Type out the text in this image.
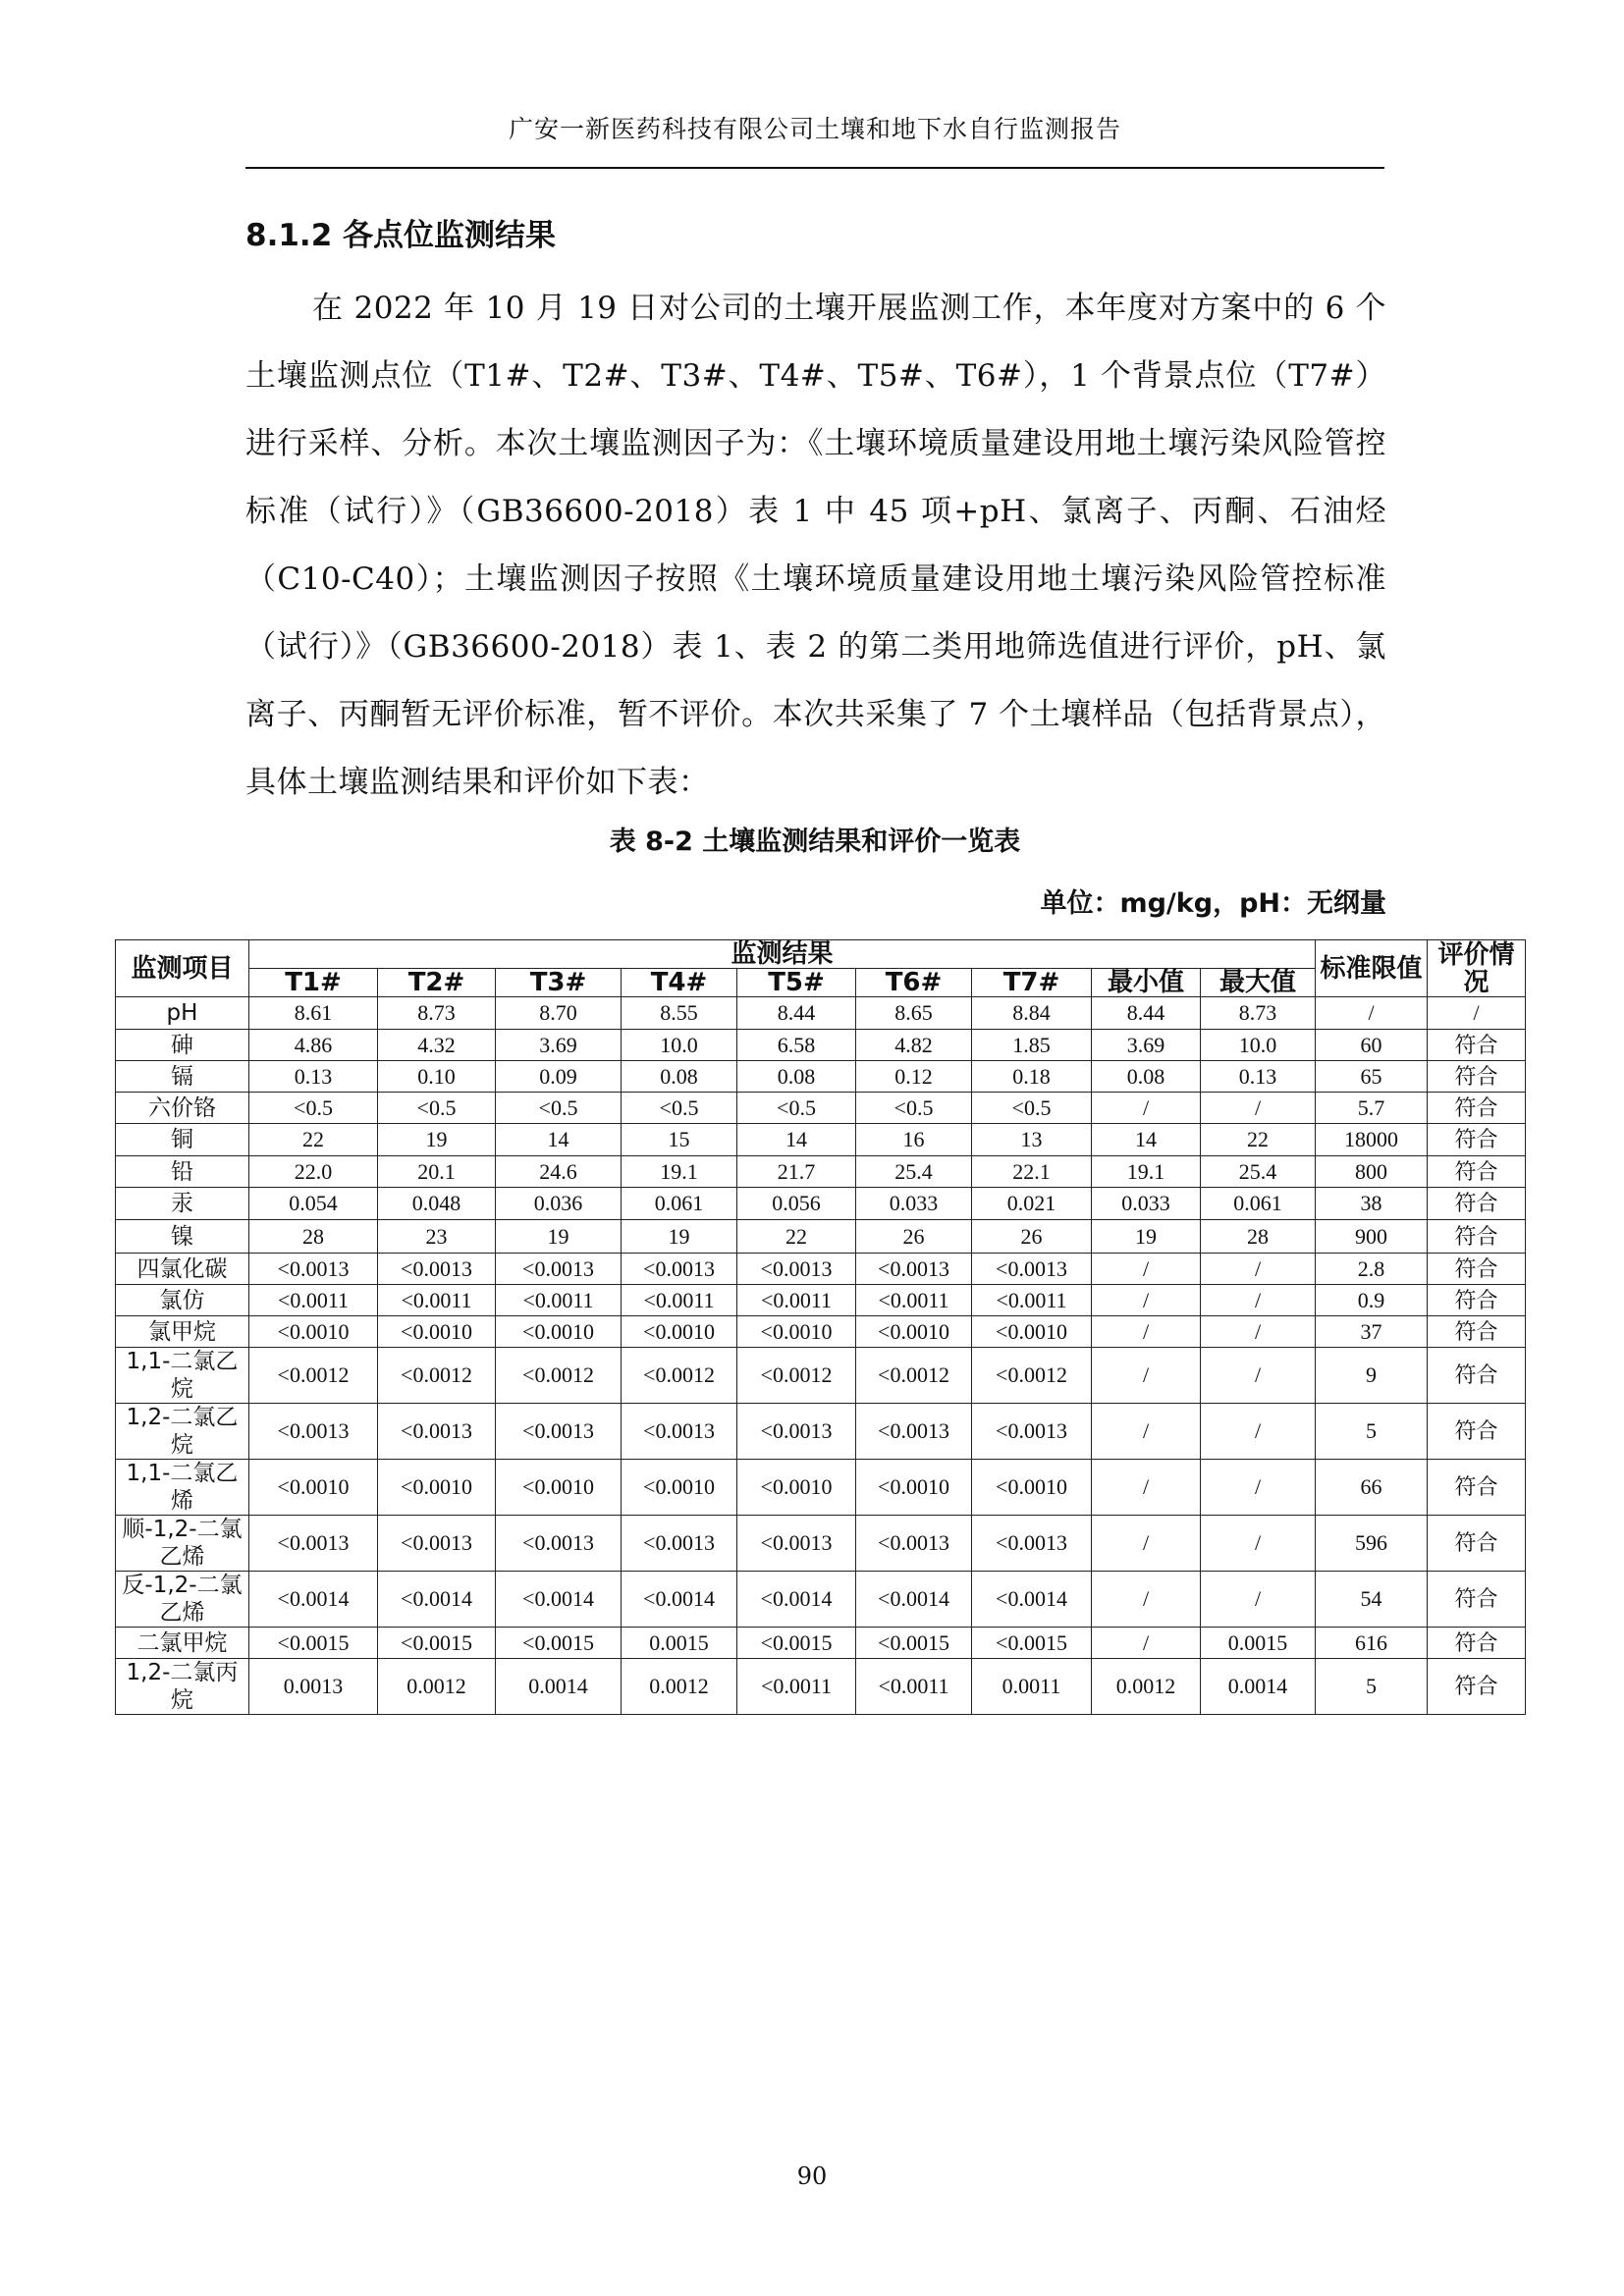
广安一新医药科技有限公司土壤和地下水自行监测报告
8.1.2 各点位监测结果
在 2022 年 10 月 19 日对公司的土壤开展监测工作，本年度对方案中的 6 个土壤监测点位（T1#、T2#、T3#、T4#、T5#、T6#），1 个背景点位（T7#）进行采样、分析。本次土壤监测因子为：《土壤环境质量建设用地土壤污染风险管控标准（试行）》（GB36600-2018）表 1 中 45 项+pH、氯离子、丙酮、石油烃（C10-C40）；土壤监测因子按照《土壤环境质量建设用地土壤污染风险管控标准（试行）》（GB36600-2018）表 1、表 2 的第二类用地筛选值进行评价，pH、氯离子、丙酮暂无评价标准，暂不评价。本次共采集了 7 个土壤样品（包括背景点），具体土壤监测结果和评价如下表：
表 8-2 土壤监测结果和评价一览表
单位：mg/kg，pH：无纲量
监测项目	监测结果									标准限值	评价情况
	T1#	T2#	T3#	T4#	T5#	T6#	T7#	最小值	最大值		
pH	8.61	8.73	8.70	8.55	8.44	8.65	8.84	8.44	8.73	/	/
砷	4.86	4.32	3.69	10.0	6.58	4.82	1.85	3.69	10.0	60	符合
镉	0.13	0.10	0.09	0.08	0.08	0.12	0.18	0.08	0.13	65	符合
六价铬	<0.5	<0.5	<0.5	<0.5	<0.5	<0.5	<0.5	/	/	5.7	符合
铜	22	19	14	15	14	16	13	14	22	18000	符合
铅	22.0	20.1	24.6	19.1	21.7	25.4	22.1	19.1	25.4	800	符合
汞	0.054	0.048	0.036	0.061	0.056	0.033	0.021	0.033	0.061	38	符合
镍	28	23	19	19	22	26	26	19	28	900	符合
四氯化碳	<0.0013	<0.0013	<0.0013	<0.0013	<0.0013	<0.0013	<0.0013	/	/	2.8	符合
氯仿	<0.0011	<0.0011	<0.0011	<0.0011	<0.0011	<0.0011	<0.0011	/	/	0.9	符合
氯甲烷	<0.0010	<0.0010	<0.0010	<0.0010	<0.0010	<0.0010	<0.0010	/	/	37	符合
1,1-二氯乙烷	<0.0012	<0.0012	<0.0012	<0.0012	<0.0012	<0.0012	<0.0012	/	/	9	符合
1,2-二氯乙烷	<0.0013	<0.0013	<0.0013	<0.0013	<0.0013	<0.0013	<0.0013	/	/	5	符合
1,1-二氯乙烯	<0.0010	<0.0010	<0.0010	<0.0010	<0.0010	<0.0010	<0.0010	/	/	66	符合
顺-1,2-二氯乙烯	<0.0013	<0.0013	<0.0013	<0.0013	<0.0013	<0.0013	<0.0013	/	/	596	符合
反-1,2-二氯乙烯	<0.0014	<0.0014	<0.0014	<0.0014	<0.0014	<0.0014	<0.0014	/	/	54	符合
二氯甲烷	<0.0015	<0.0015	<0.0015	0.0015	<0.0015	<0.0015	<0.0015	/	0.0015	616	符合
1,2-二氯丙烷	0.0013	0.0012	0.0014	0.0012	<0.0011	<0.0011	0.0011	0.0012	0.0014	5	符合
90
